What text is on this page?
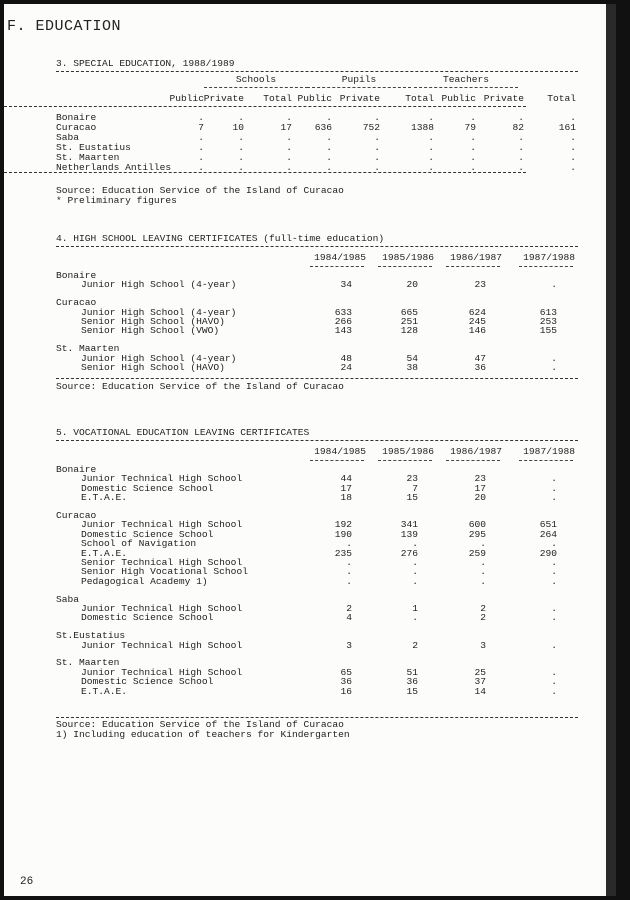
F. EDUCATION
3. SPECIAL EDUCATION, 1988/1989
Schools	Pupils	Teachers
Public Private	Total Public Private	Total Public Private	Total
Bonaire	.	.	.	.	.	.	.	.	.
Curacao	7	10	17	636	752	1388	79	82	161
Saba	.	.	.	.	.	.	.	.	.
St. Eustatius	.	.	.	.	.	.	.	.	.
St. Maarten	.	.	.	.	.	.	.	.	.
Netherlands Antilles	.	.	.	.	.	.	.	.	.
Source: Education Service of the Island of Curacao
* Preliminary figures
4. HIGH SCHOOL LEAVING CERTIFICATES (full-time education)
1984/1985	1985/1986	1986/1987	1987/1988
Bonaire
Junior High School (4-year)	34	20	23	.
Curacao
Junior High School (4-year)	633	665	624	613
Senior High School (HAVO)	266	251	245	253
Senior High School (VWO)	143	128	146	155
St. Maarten
Junior High School (4-year)	48	54	47	.
Senior High School (HAVO)	24	38	36	.
Source: Education Service of the Island of Curacao
5. VOCATIONAL EDUCATION LEAVING CERTIFICATES
1984/1985	1985/1986	1986/1987	1987/1988
Bonaire
Junior Technical High School	44	23	23	.
Domestic Science School	17	7	17	.
E.T.A.E.	18	15	20	.
Curacao
Junior Technical High School	192	341	600	651
Domestic Science School	190	139	295	264
School of Navigation	.	.	.	.
E.T.A.E.	235	276	259	290
Senior Technical High School	.	.	.	.
Senior High Vocational School	.	.	.	.
Pedagogical Academy 1)	.	.	.	.
Saba
Junior Technical High School	2	1	2	.
Domestic Science School	4	.	2	.
St.Eustatius
Junior Technical High School	3	2	3	.
St. Maarten
Junior Technical High School	65	51	25	.
Domestic Science School	36	36	37	.
E.T.A.E.	16	15	14	.
Source: Education Service of the Island of Curacao
1) Including education of teachers for Kindergarten
26
